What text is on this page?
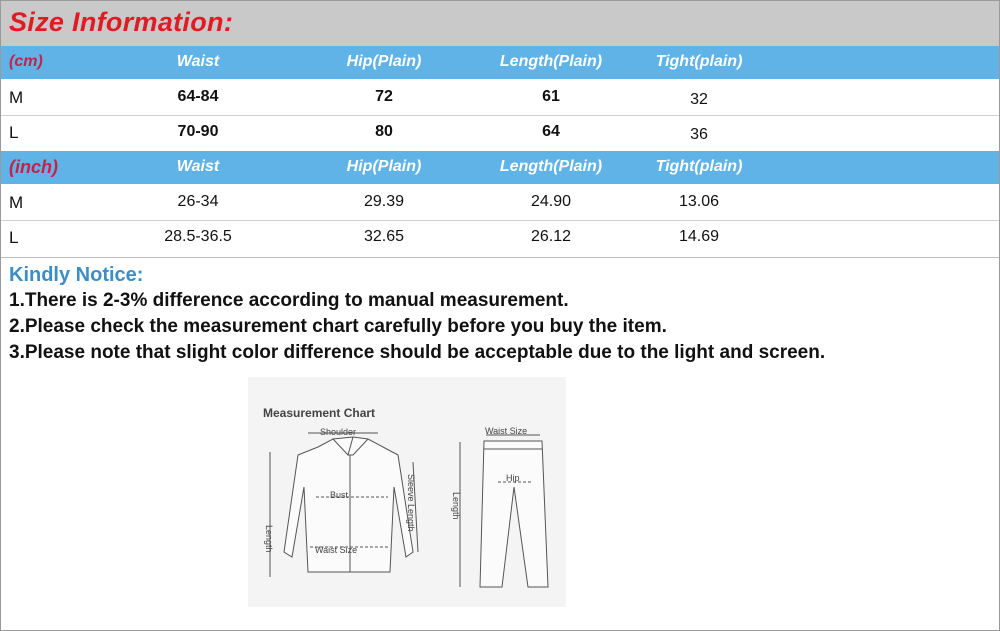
Size Information:
(cm)	Waist	Hip(Plain)	Length(Plain)	Tight(plain)
M	64-84	72	61	32
L	70-90	80	64	36
(inch)	Waist	Hip(Plain)	Length(Plain)	Tight(plain)
M	26-34	29.39	24.90	13.06
L	28.5-36.5	32.65	26.12	14.69
Kindly Notice:
1.There is 2-3% difference according to manual measurement.
2.Please check the measurement chart carefully before you buy the item.
3.Please note that slight color difference should be acceptable due to the light and screen.
Measurement Chart
Shoulder
Bust
Waist Size
Length
Sleeve Length
Waist Size
Hip
Length
